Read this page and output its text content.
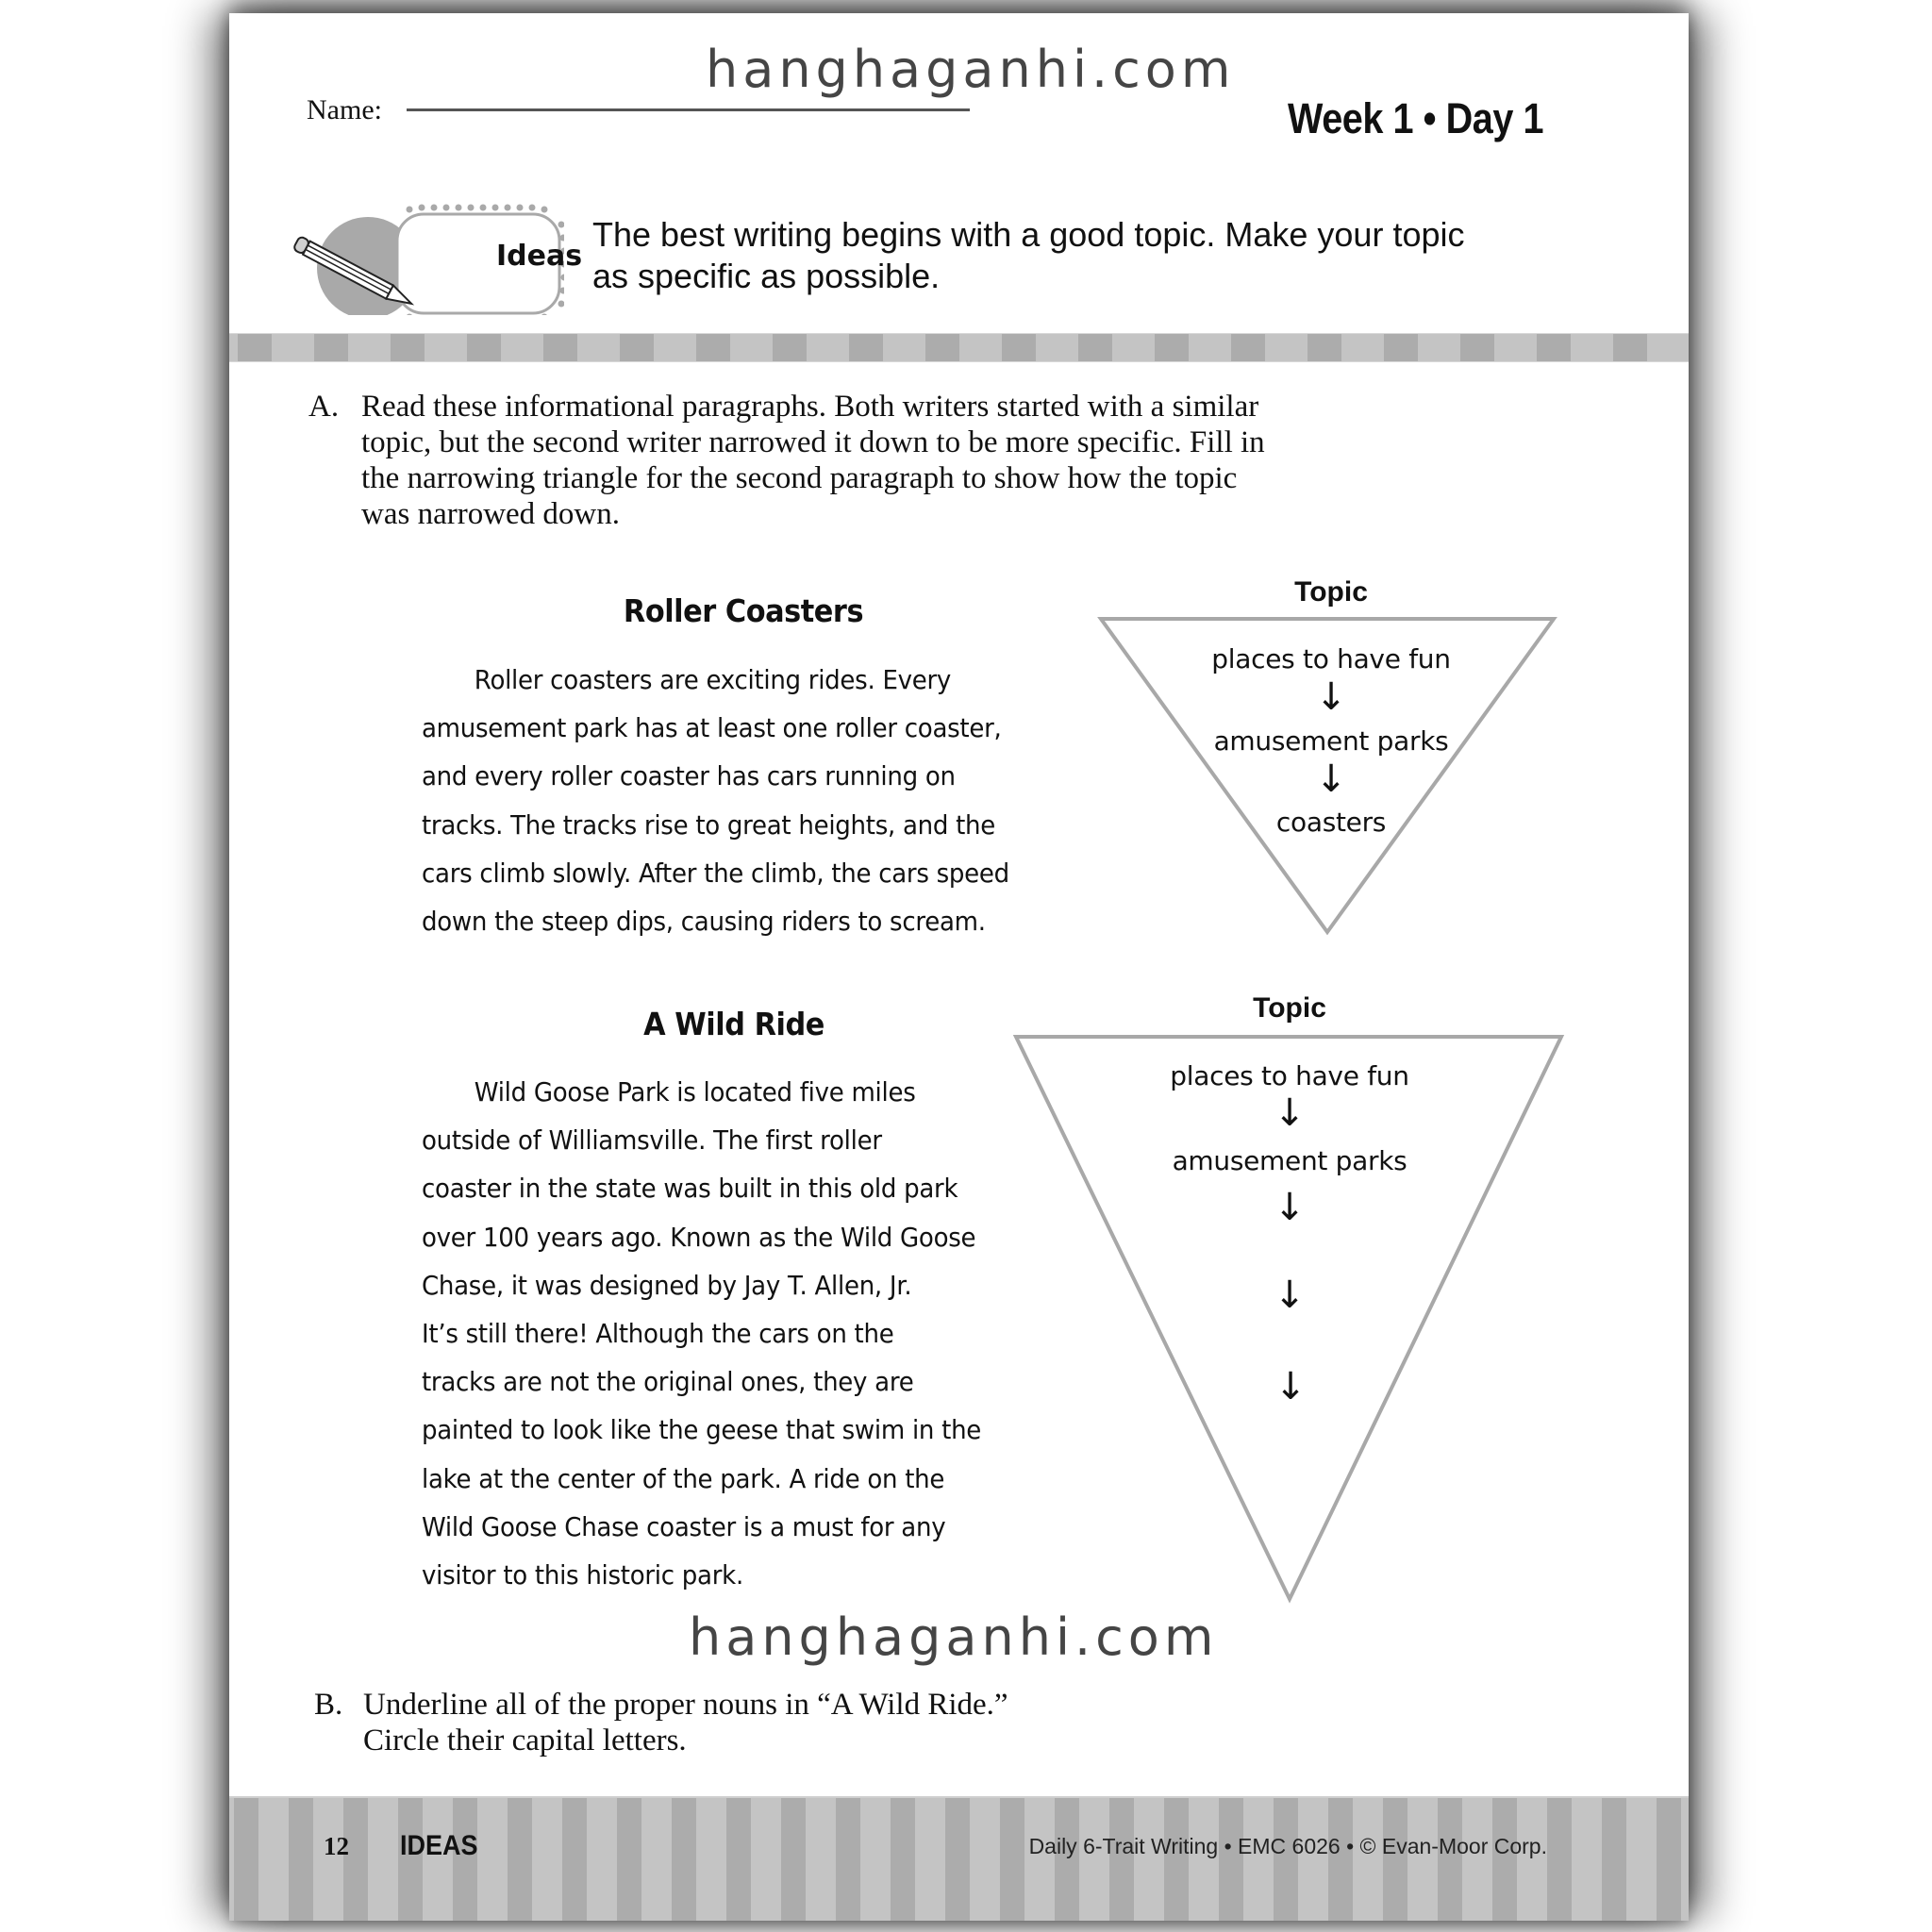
hanghaganhi.com
Name:	Week 1 • Day 1
Ideas
The best writing begins with a good topic. Make your topic as specific as possible.
A. Read these informational paragraphs. Both writers started with a similar
topic, but the second writer narrowed it down to be more specific. Fill in
the narrowing triangle for the second paragraph to show how the topic
was narrowed down.
Roller Coasters
Roller coasters are exciting rides. Every
amusement park has at least one roller coaster,
and every roller coaster has cars running on
tracks. The tracks rise to great heights, and the
cars climb slowly. After the climb, the cars speed
down the steep dips, causing riders to scream.
Topic
places to have fun
↓
amusement parks
↓
coasters
A Wild Ride
Wild Goose Park is located five miles
outside of Williamsville. The first roller
coaster in the state was built in this old park
over 100 years ago. Known as the Wild Goose
Chase, it was designed by Jay T. Allen, Jr.
It’s still there! Although the cars on the
tracks are not the original ones, they are
painted to look like the geese that swim in the
lake at the center of the park. A ride on the
Wild Goose Chase coaster is a must for any
visitor to this historic park.
Topic
places to have fun
↓
amusement parks
↓
↓
↓
hanghaganhi.com
B. Underline all of the proper nouns in “A Wild Ride.”
Circle their capital letters.
12 IDEAS	Daily 6-Trait Writing • EMC 6026 • © Evan-Moor Corp.
